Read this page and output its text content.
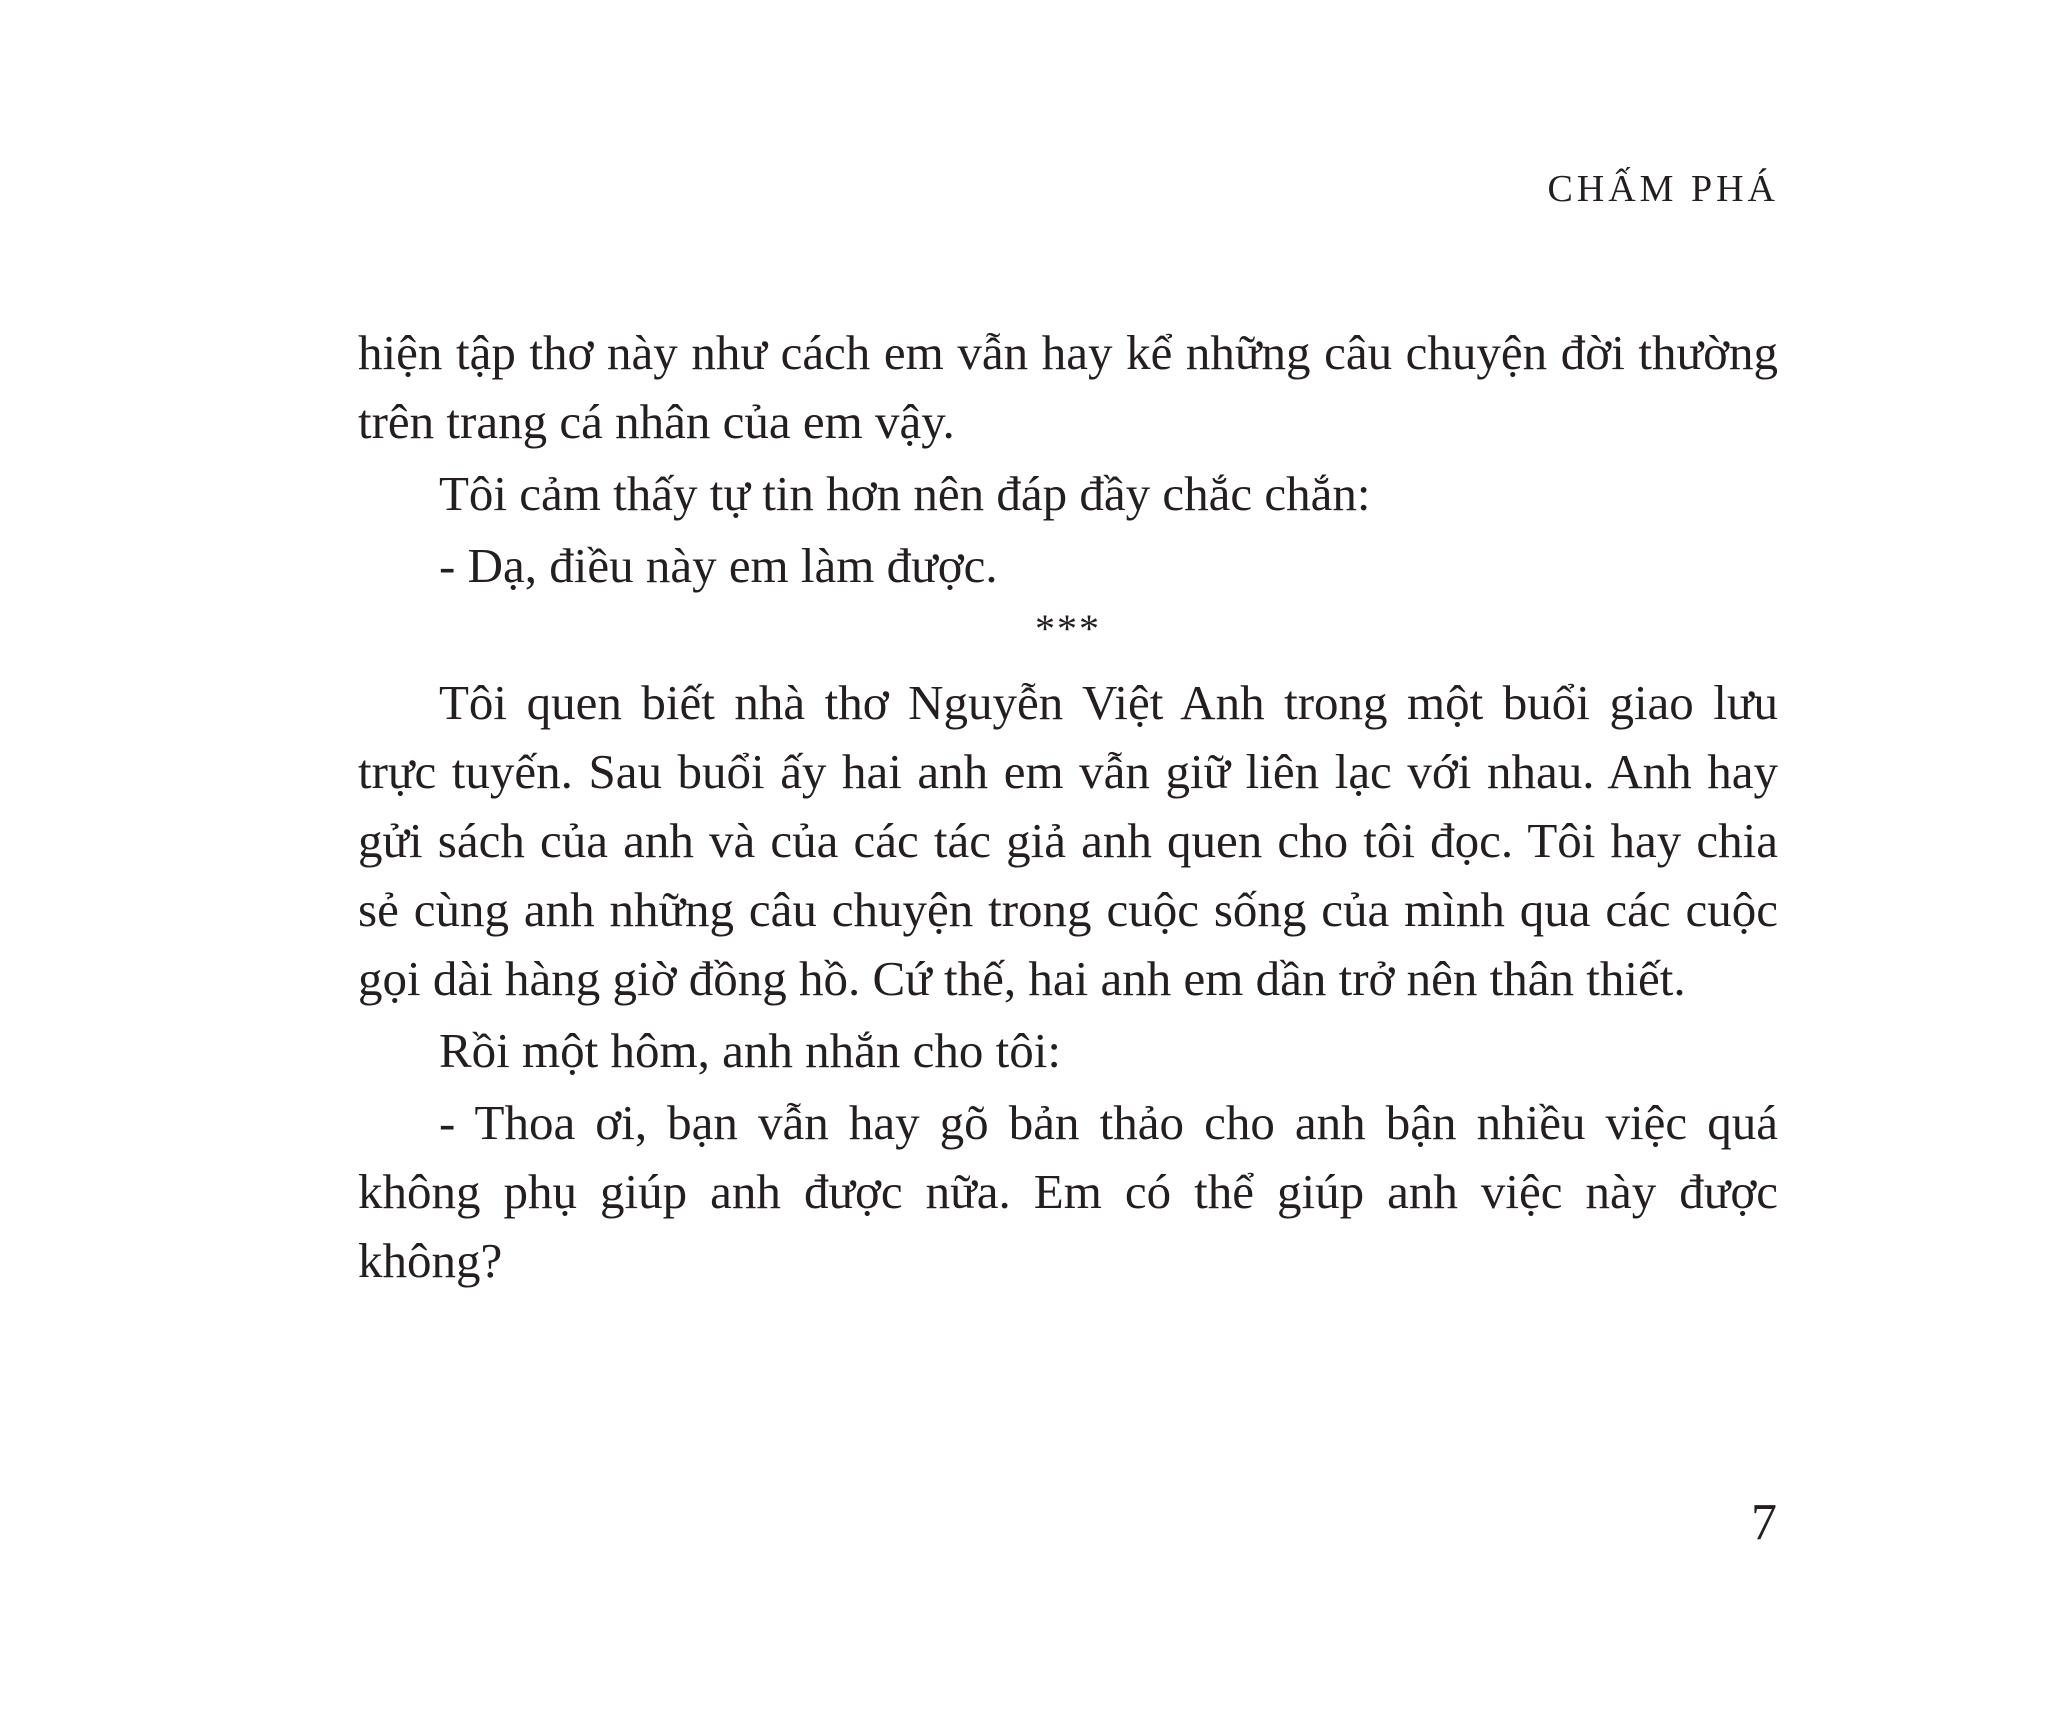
CHẤM PHÁ

hiện tập thơ này như cách em vẫn hay kể những câu chuyện đời thường trên trang cá nhân của em vậy.

Tôi cảm thấy tự tin hơn nên đáp đầy chắc chắn:

- Dạ, điều này em làm được.

***

Tôi quen biết nhà thơ Nguyễn Việt Anh trong một buổi giao lưu trực tuyến. Sau buổi ấy hai anh em vẫn giữ liên lạc với nhau. Anh hay gửi sách của anh và của các tác giả anh quen cho tôi đọc. Tôi hay chia sẻ cùng anh những câu chuyện trong cuộc sống của mình qua các cuộc gọi dài hàng giờ đồng hồ. Cứ thế, hai anh em dần trở nên thân thiết.

Rồi một hôm, anh nhắn cho tôi:

- Thoa ơi, bạn vẫn hay gõ bản thảo cho anh bận nhiều việc quá không phụ giúp anh được nữa. Em có thể giúp anh việc này được không?

7
